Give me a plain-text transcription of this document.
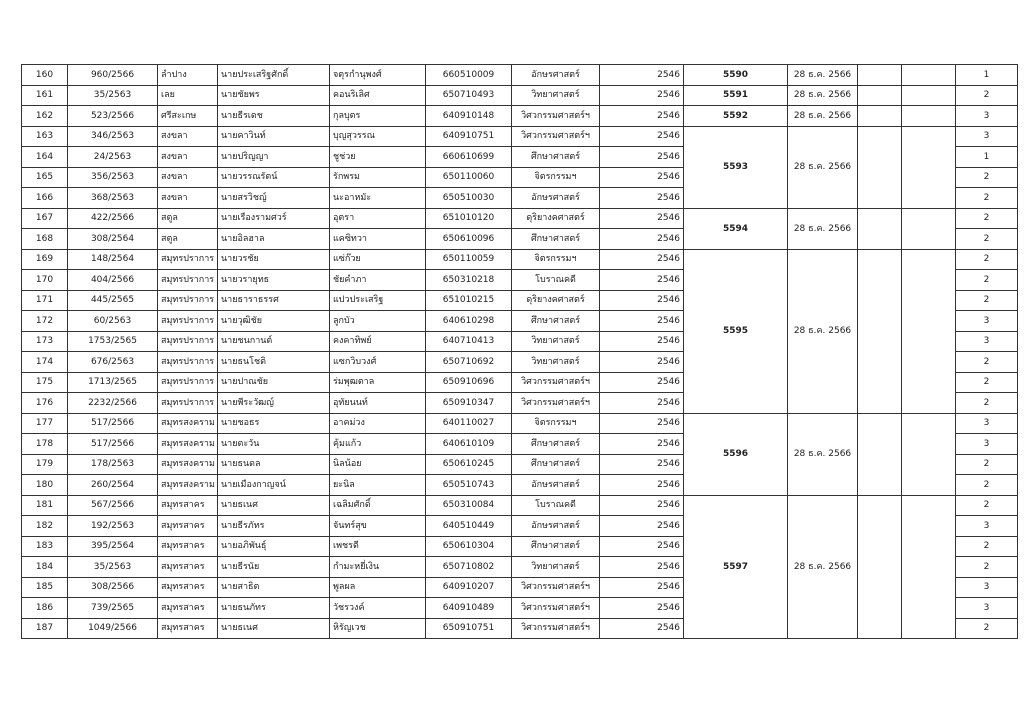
160	960/2566	ลำปาง	นายประเสริฐศักดิ์	จตุรกำนุพงศ์	660510009	อักษรศาสตร์	2546	5590	28 ธ.ค. 2566			1
161	35/2563	เลย	นายชัยพร	คอนริเลิศ	650710493	วิทยาศาสตร์	2546	5591	28 ธ.ค. 2566			2
162	523/2566	ศรีสะเกษ	นายธีรเดช	กุลบุตร	640910148	วิศวกรรมศาสตร์ฯ	2546	5592	28 ธ.ค. 2566			3
163	346/2563	สงขลา	นายคาวินท์	บุญสุวรรณ	640910751	วิศวกรรมศาสตร์ฯ	2546	5593	28 ธ.ค. 2566			3
164	24/2563	สงขลา	นายปริญญา	ชูช่วย	660610699	ศึกษาศาสตร์	2546					1
165	356/2563	สงขลา	นายวรรณรัตน์	รักพรม	650110060	จิตรกรรมฯ	2546					2
166	368/2563	สงขลา	นายสรวิชญ์	นะอาหมัะ	650510030	อักษรศาสตร์	2546					2
167	422/2566	สตูล	นายเรืองรามศวร์	อุตรา	651010120	ดุริยางคศาสตร์	2546	5594	28 ธ.ค. 2566			2
168	308/2564	สตูล	นายอิลฮาล	แคซิทวา	650610096	ศึกษาศาสตร์	2546					2
169	148/2564	สมุทรปราการ	นายวรชัย	แซ่ก๊วย	650110059	จิตรกรรมฯ	2546	5595	28 ธ.ค. 2566			2
170	404/2566	สมุทรปราการ	นายวรายุทธ	ชัยคำภา	650310218	โบราณคดี	2546					2
171	445/2565	สมุทรปราการ	นายธาราธรรศ	แปวประเสริฐ	651010215	ดุริยางคศาสตร์	2546					2
172	60/2563	สมุทรปราการ	นายวุฒิชัย	ลูกบัว	640610298	ศึกษาศาสตร์	2546					3
173	1753/2565	สมุทรปราการ	นายชนกานต์	คงคาทิพย์	640710413	วิทยาศาสตร์	2546					3
174	676/2563	สมุทรปราการ	นายธนโชติ	แซกวิบวงศ์	650710692	วิทยาศาสตร์	2546					2
175	1713/2565	สมุทรปราการ	นายปาณชัย	ร่มพุฒตาล	650910696	วิศวกรรมศาสตร์ฯ	2546					2
176	2232/2566	สมุทรปราการ	นายพีระวัฒญ์	อุทัยนนท์	650910347	วิศวกรรมศาสตร์ฯ	2546					2
177	517/2566	สมุทรสงคราม	นายชอธร	อาคม่วง	640110027	จิตรกรรมฯ	2546	5596	28 ธ.ค. 2566			3
178	517/2566	สมุทรสงคราม	นายตะวัน	คุ้มแก้ว	640610109	ศึกษาศาสตร์	2546					3
179	178/2563	สมุทรสงคราม	นายธนดล	นิลน้อย	650610245	ศึกษาศาสตร์	2546					2
180	260/2564	สมุทรสงคราม	นายเมืองกาญจน์	ยะนิล	650510743	อักษรศาสตร์	2546					2
181	567/2566	สมุทรสาคร	นายธเนศ	เฉลิมศักดิ์	650310084	โบราณคดี	2546	5597	28 ธ.ค. 2566			2
182	192/2563	สมุทรสาคร	นายธีรภัทร	จันทร์สุข	640510449	อักษรศาสตร์	2546					3
183	395/2564	สมุทรสาคร	นายอภิพันธุ์	เพชรดี	650610304	ศึกษาศาสตร์	2546					2
184	35/2563	สมุทรสาคร	นายธีรนัย	กำมะหยี่เงิน	650710802	วิทยาศาสตร์	2546					2
185	308/2566	สมุทรสาคร	นายสาธิต	พูลผล	640910207	วิศวกรรมศาสตร์ฯ	2546					3
186	739/2565	สมุทรสาคร	นายธนภัทร	วัชรวงค์	640910489	วิศวกรรมศาสตร์ฯ	2546					3
187	1049/2566	สมุทรสาคร	นายธเนศ	หิรัญเวช	650910751	วิศวกรรมศาสตร์ฯ	2546					2
